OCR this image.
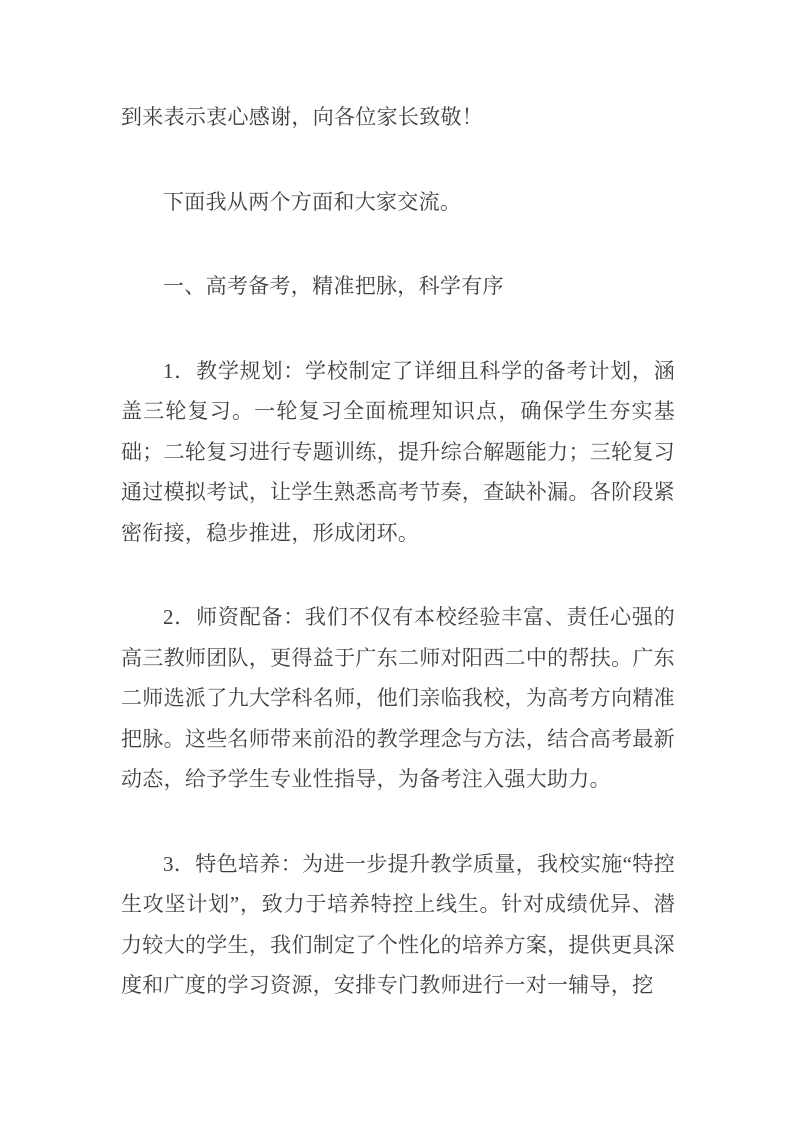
到来表示衷心感谢，向各位家长致敬！

下面我从两个方面和大家交流。

一、高考备考，精准把脉，科学有序

1．教学规划：学校制定了详细且科学的备考计划，涵盖三轮复习。一轮复习全面梳理知识点，确保学生夯实基础；二轮复习进行专题训练，提升综合解题能力；三轮复习通过模拟考试，让学生熟悉高考节奏，查缺补漏。各阶段紧密衔接，稳步推进，形成闭环。

2．师资配备：我们不仅有本校经验丰富、责任心强的高三教师团队，更得益于广东二师对阳西二中的帮扶。广东二师选派了九大学科名师，他们亲临我校，为高考方向精准把脉。这些名师带来前沿的教学理念与方法，结合高考最新动态，给予学生专业性指导，为备考注入强大助力。

3．特色培养：为进一步提升教学质量，我校实施“特控生攻坚计划”，致力于培养特控上线生。针对成绩优异、潜力较大的学生，我们制定了个性化的培养方案，提供更具深度和广度的学习资源，安排专门教师进行一对一辅导，挖
